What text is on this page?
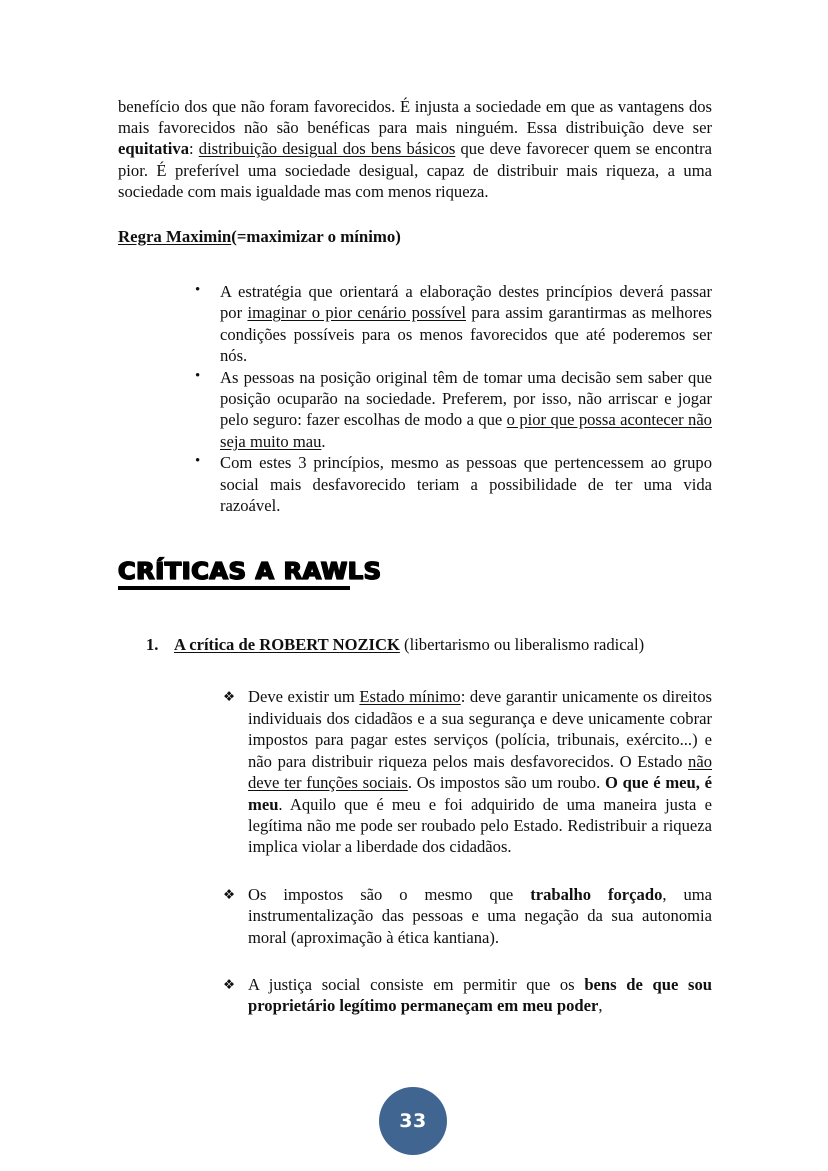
benefício dos que não foram favorecidos. É injusta a sociedade em que as vantagens dos mais favorecidos não são benéficas para mais ninguém. Essa distribuição deve ser equitativa: distribuição desigual dos bens básicos que deve favorecer quem se encontra pior. É preferível uma sociedade desigual, capaz de distribuir mais riqueza, a uma sociedade com mais igualdade mas com menos riqueza.

Regra Maximin(=maximizar o mínimo)

• A estratégia que orientará a elaboração destes princípios deverá passar por imaginar o pior cenário possível para assim garantirmas as melhores condições possíveis para os menos favorecidos que até poderemos ser nós.
• As pessoas na posição original têm de tomar uma decisão sem saber que posição ocuparão na sociedade. Preferem, por isso, não arriscar e jogar pelo seguro: fazer escolhas de modo a que o pior que possa acontecer não seja muito mau.
• Com estes 3 princípios, mesmo as pessoas que pertencessem ao grupo social mais desfavorecido teriam a possibilidade de ter uma vida razoável.
CRÍTICAS A RAWLS
1. A crítica de ROBERT NOZICK (libertarismo ou liberalismo radical)
❖ Deve existir um Estado mínimo: deve garantir unicamente os direitos individuais dos cidadãos e a sua segurança e deve unicamente cobrar impostos para pagar estes serviços (polícia, tribunais, exército...) e não para distribuir riqueza pelos mais desfavorecidos. O Estado não deve ter funções sociais. Os impostos são um roubo. O que é meu, é meu. Aquilo que é meu e foi adquirido de uma maneira justa e legítima não me pode ser roubado pelo Estado. Redistribuir a riqueza implica violar a liberdade dos cidadãos.
❖ Os impostos são o mesmo que trabalho forçado, uma instrumentalização das pessoas e uma negação da sua autonomia moral (aproximação à ética kantiana).
❖ A justiça social consiste em permitir que os bens de que sou proprietário legítimo permaneçam em meu poder,
33
